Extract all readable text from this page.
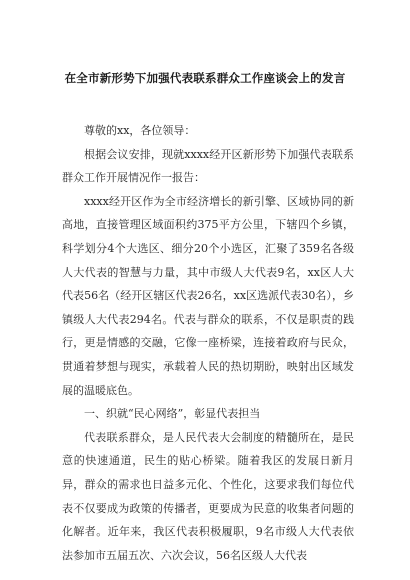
在全市新形势下加强代表联系群众工作座谈会上的发言

尊敬的xx，各位领导：

根据会议安排，现就xxxx经开区新形势下加强代表联系群众工作开展情况作一报告：

xxxx经开区作为全市经济增长的新引擎、区域协同的新高地，直接管理区域面积约375平方公里，下辖四个乡镇，科学划分4个大选区、细分20个小选区，汇聚了359名各级人大代表的智慧与力量，其中市级人大代表9名，xx区人大代表56名（经开区辖区代表26名，xx区选派代表30名），乡镇级人大代表294名。代表与群众的联系，不仅是职责的践行，更是情感的交融，它像一座桥梁，连接着政府与民众，贯通着梦想与现实，承载着人民的热切期盼，映射出区域发展的温暖底色。

一、织就“民心网络”，彰显代表担当

代表联系群众，是人民代表大会制度的精髓所在，是民意的快速通道，民生的贴心桥梁。随着我区的发展日新月异，群众的需求也日益多元化、个性化，这要求我们每位代表不仅要成为政策的传播者，更要成为民意的收集者问题的化解者。近年来，我区代表积极履职，9名市级人大代表依法参加市五届五次、六次会议，56名区级人大代表
